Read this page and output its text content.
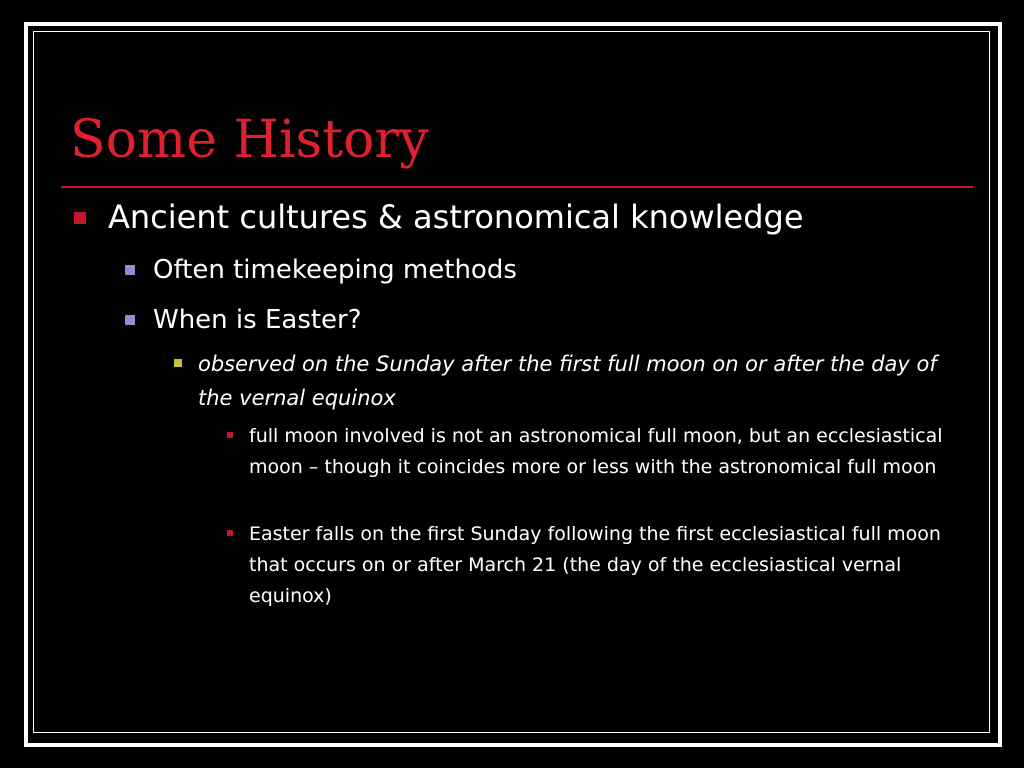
Some History
Ancient cultures & astronomical knowledge
Often timekeeping methods
When is Easter?
observed on the Sunday after the first full moon on or after the day of the vernal equinox
full moon involved is not an astronomical full moon, but an ecclesiastical moon – though it coincides more or less with the astronomical full moon
Easter falls on the first Sunday following the first ecclesiastical full moon that occurs on or after March 21 (the day of the ecclesiastical vernal equinox)
